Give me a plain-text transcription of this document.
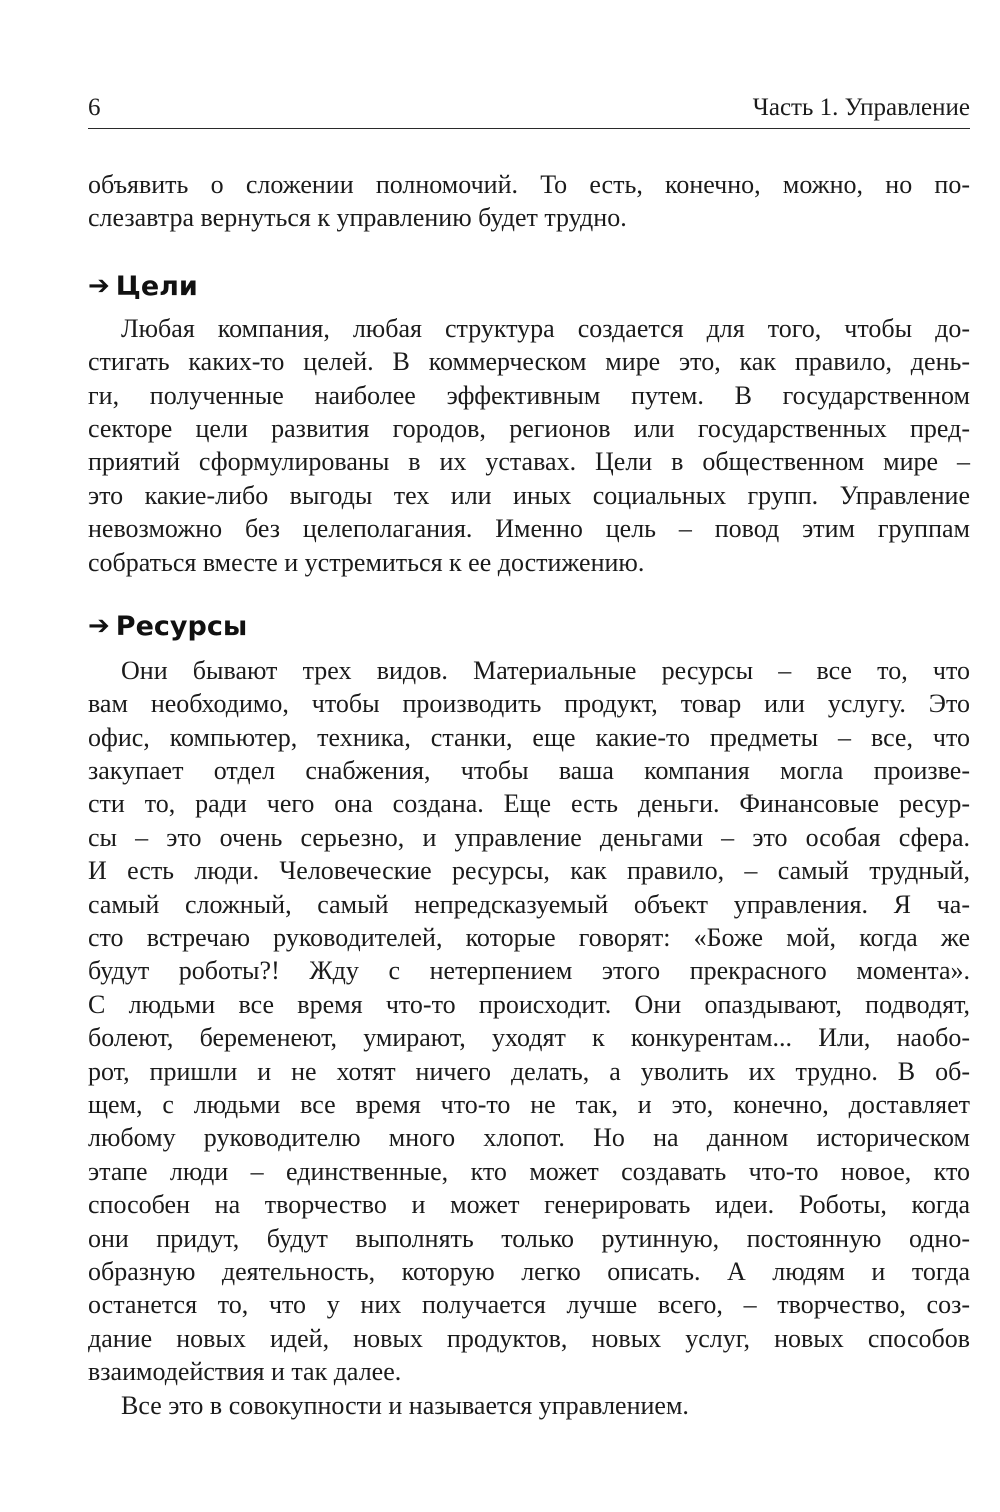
6	Часть 1. Управление
объявить о сложении полномочий. То есть, конечно, можно, но по-
слезавтра вернуться к управлению будет трудно.
➔ Цели
Любая компания, любая структура создается для того, чтобы до-
стигать каких-то целей. В коммерческом мире это, как правило, день-
ги, полученные наиболее эффективным путем. В государственном
секторе цели развития городов, регионов или государственных пред-
приятий сформулированы в их уставах. Цели в общественном мире –
это какие-либо выгоды тех или иных социальных групп. Управление
невозможно без целеполагания. Именно цель – повод этим группам
собраться вместе и устремиться к ее достижению.
➔ Ресурсы
Они бывают трех видов. Материальные ресурсы – все то, что
вам необходимо, чтобы производить продукт, товар или услугу. Это
офис, компьютер, техника, станки, еще какие-то предметы – все, что
закупает отдел снабжения, чтобы ваша компания могла произве-
сти то, ради чего она создана. Еще есть деньги. Финансовые ресур-
сы – это очень серьезно, и управление деньгами – это особая сфера.
И есть люди. Человеческие ресурсы, как правило, – самый трудный,
самый сложный, самый непредсказуемый объект управления. Я ча-
сто встречаю руководителей, которые говорят: «Боже мой, когда же
будут роботы?! Жду с нетерпением этого прекрасного момента».
С людьми все время что-то происходит. Они опаздывают, подводят,
болеют, беременеют, умирают, уходят к конкурентам... Или, наобо-
рот, пришли и не хотят ничего делать, а уволить их трудно. В об-
щем, с людьми все время что-то не так, и это, конечно, доставляет
любому руководителю много хлопот. Но на данном историческом
этапе люди – единственные, кто может создавать что-то новое, кто
способен на творчество и может генерировать идеи. Роботы, когда
они придут, будут выполнять только рутинную, постоянную одно-
образную деятельность, которую легко описать. А людям и тогда
останется то, что у них получается лучше всего, – творчество, соз-
дание новых идей, новых продуктов, новых услуг, новых способов
взаимодействия и так далее.
Все это в совокупности и называется управлением.
